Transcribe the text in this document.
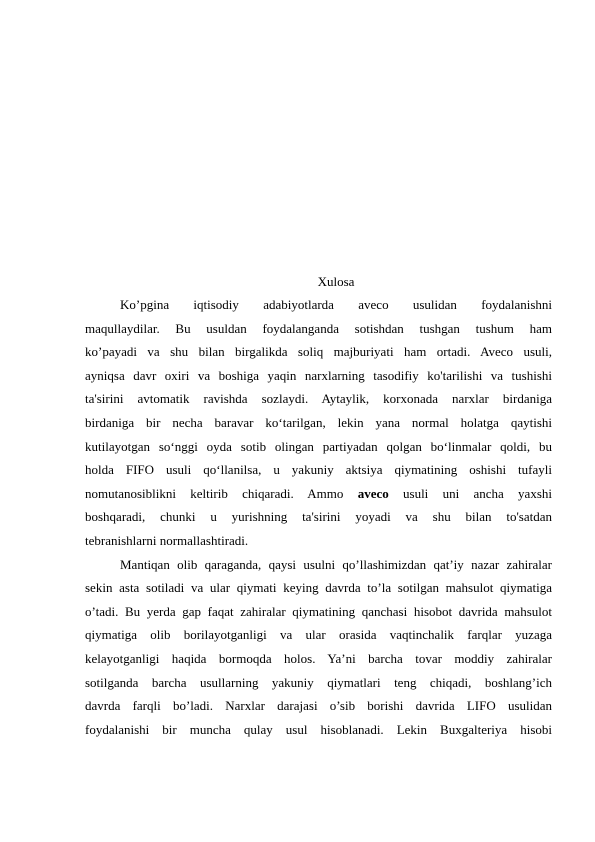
Xulosa
Ko’pgina iqtisodiy adabiyotlarda aveco usulidan foydalanishni
maqullaydilar. Bu usuldan foydalanganda sotishdan tushgan tushum ham
ko’payadi va shu bilan birgalikda soliq majburiyati ham ortadi. Aveco usuli,
ayniqsa davr oxiri va boshiga yaqin narxlarning tasodifiy ko'tarilishi va tushishi
ta'sirini avtomatik ravishda sozlaydi. Aytaylik, korxonada narxlar birdaniga
birdaniga bir necha baravar ko‘tarilgan, lekin yana normal holatga qaytishi
kutilayotgan so‘nggi oyda sotib olingan partiyadan qolgan bo‘linmalar qoldi, bu
holda FIFO usuli qo‘llanilsa, u yakuniy aktsiya qiymatining oshishi tufayli
nomutanosiblikni keltirib chiqaradi. Ammo aveco usuli uni ancha yaxshi
boshqaradi, chunki u yurishning ta'sirini yoyadi va shu bilan to'satdan
tebranishlarni normallashtiradi.
Mantiqan olib qaraganda, qaysi usulni qo’llashimizdan qat’iy nazar zahiralar
sekin asta sotiladi va ular qiymati keying davrda to’la sotilgan mahsulot qiymatiga
o’tadi. Bu yerda gap faqat zahiralar qiymatining qanchasi hisobot davrida mahsulot
qiymatiga olib borilayotganligi va ular orasida vaqtinchalik farqlar yuzaga
kelayotganligi haqida bormoqda holos. Ya’ni barcha tovar moddiy zahiralar
sotilganda barcha usullarning yakuniy qiymatlari teng chiqadi, boshlang’ich
davrda farqli bo’ladi. Narxlar darajasi o’sib borishi davrida LIFO usulidan
foydalanishi bir muncha qulay usul hisoblanadi. Lekin Buxgalteriya hisobi
